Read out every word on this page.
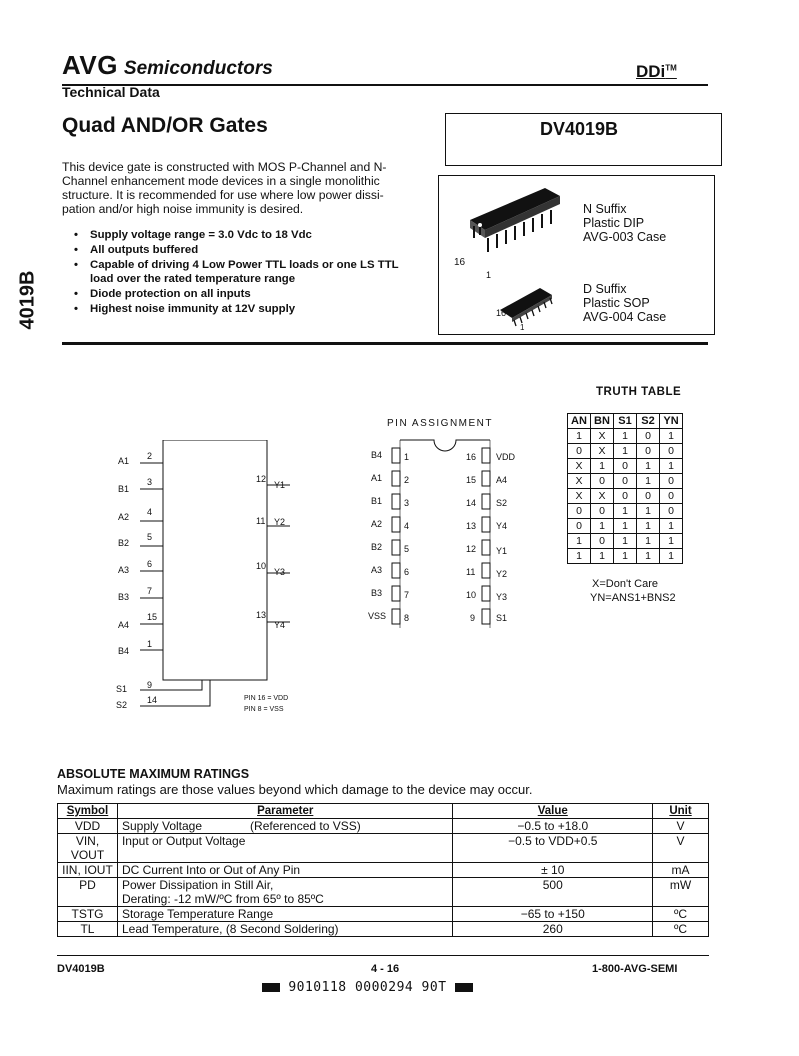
AVG Semiconductors	DDi™
Technical Data
Quad AND/OR Gates	DV4019B
4019B
This device gate is constructed with MOS P-Channel and N-Channel enhancement mode devices in a single monolithic structure. It is recommended for use where low power dissi-pation and/or high noise immunity is desired.
• Supply voltage range = 3.0 Vdc to 18 Vdc
• All outputs buffered
• Capable of driving 4 Low Power TTL loads or one LS TTL load over the rated temperature range
• Diode protection on all inputs
• Highest noise immunity at 12V supply
16
1
16
1
N Suffix
Plastic DIP
AVG-003 Case
D Suffix
Plastic SOP
AVG-004 Case
A1 2
B1
3
A2 4
B2
5
A3
6
B3
7
A4
15
B4
1
12
Y1
11 Y2
10
Y3
13
Y4
S1 9
S2 14	PIN 16 = VDD
PIN 8 = VSS
PIN ASSIGNMENT
B4 1
A1 2
B1 3
A2 4
B2 5
A3 6
B3 7
VSS 8
16 VDD
15 A4
14 S2
13 Y4
12 Y1
11 Y2
10 Y3
9 S1
TRUTH TABLE
AN	BN	S1	S2	YN
1	X	1	0	1
0	X	1	0	0
X	1	0	1	1
X	0	0	1	0
X	X	0	0	0
0	0	1	1	0
0	1	1	1	1
1	0	1	1	1
1	1	1	1	1
X=Don't Care
YN=ANS1+BNS2
ABSOLUTE MAXIMUM RATINGS
Maximum ratings are those values beyond which damage to the device may occur.
Symbol	Parameter	Value	Unit
VDD	Supply Voltage (Referenced to VSS)	−0.5 to +18.0	V
VIN, VOUT	Input or Output Voltage	−0.5 to VDD+0.5	V
IIN, IOUT	DC Current Into or Out of Any Pin	± 10	mA
PD	Power Dissipation in Still Air,
Derating: -12 mW/ºC from 65º to 85ºC	500	mW
TSTG	Storage Temperature Range	−65 to +150	ºC
TL	Lead Temperature, (8 Second Soldering)	260	ºC
DV4019B	4 - 16	1-800-AVG-SEMI
9010118 0000294 90T
